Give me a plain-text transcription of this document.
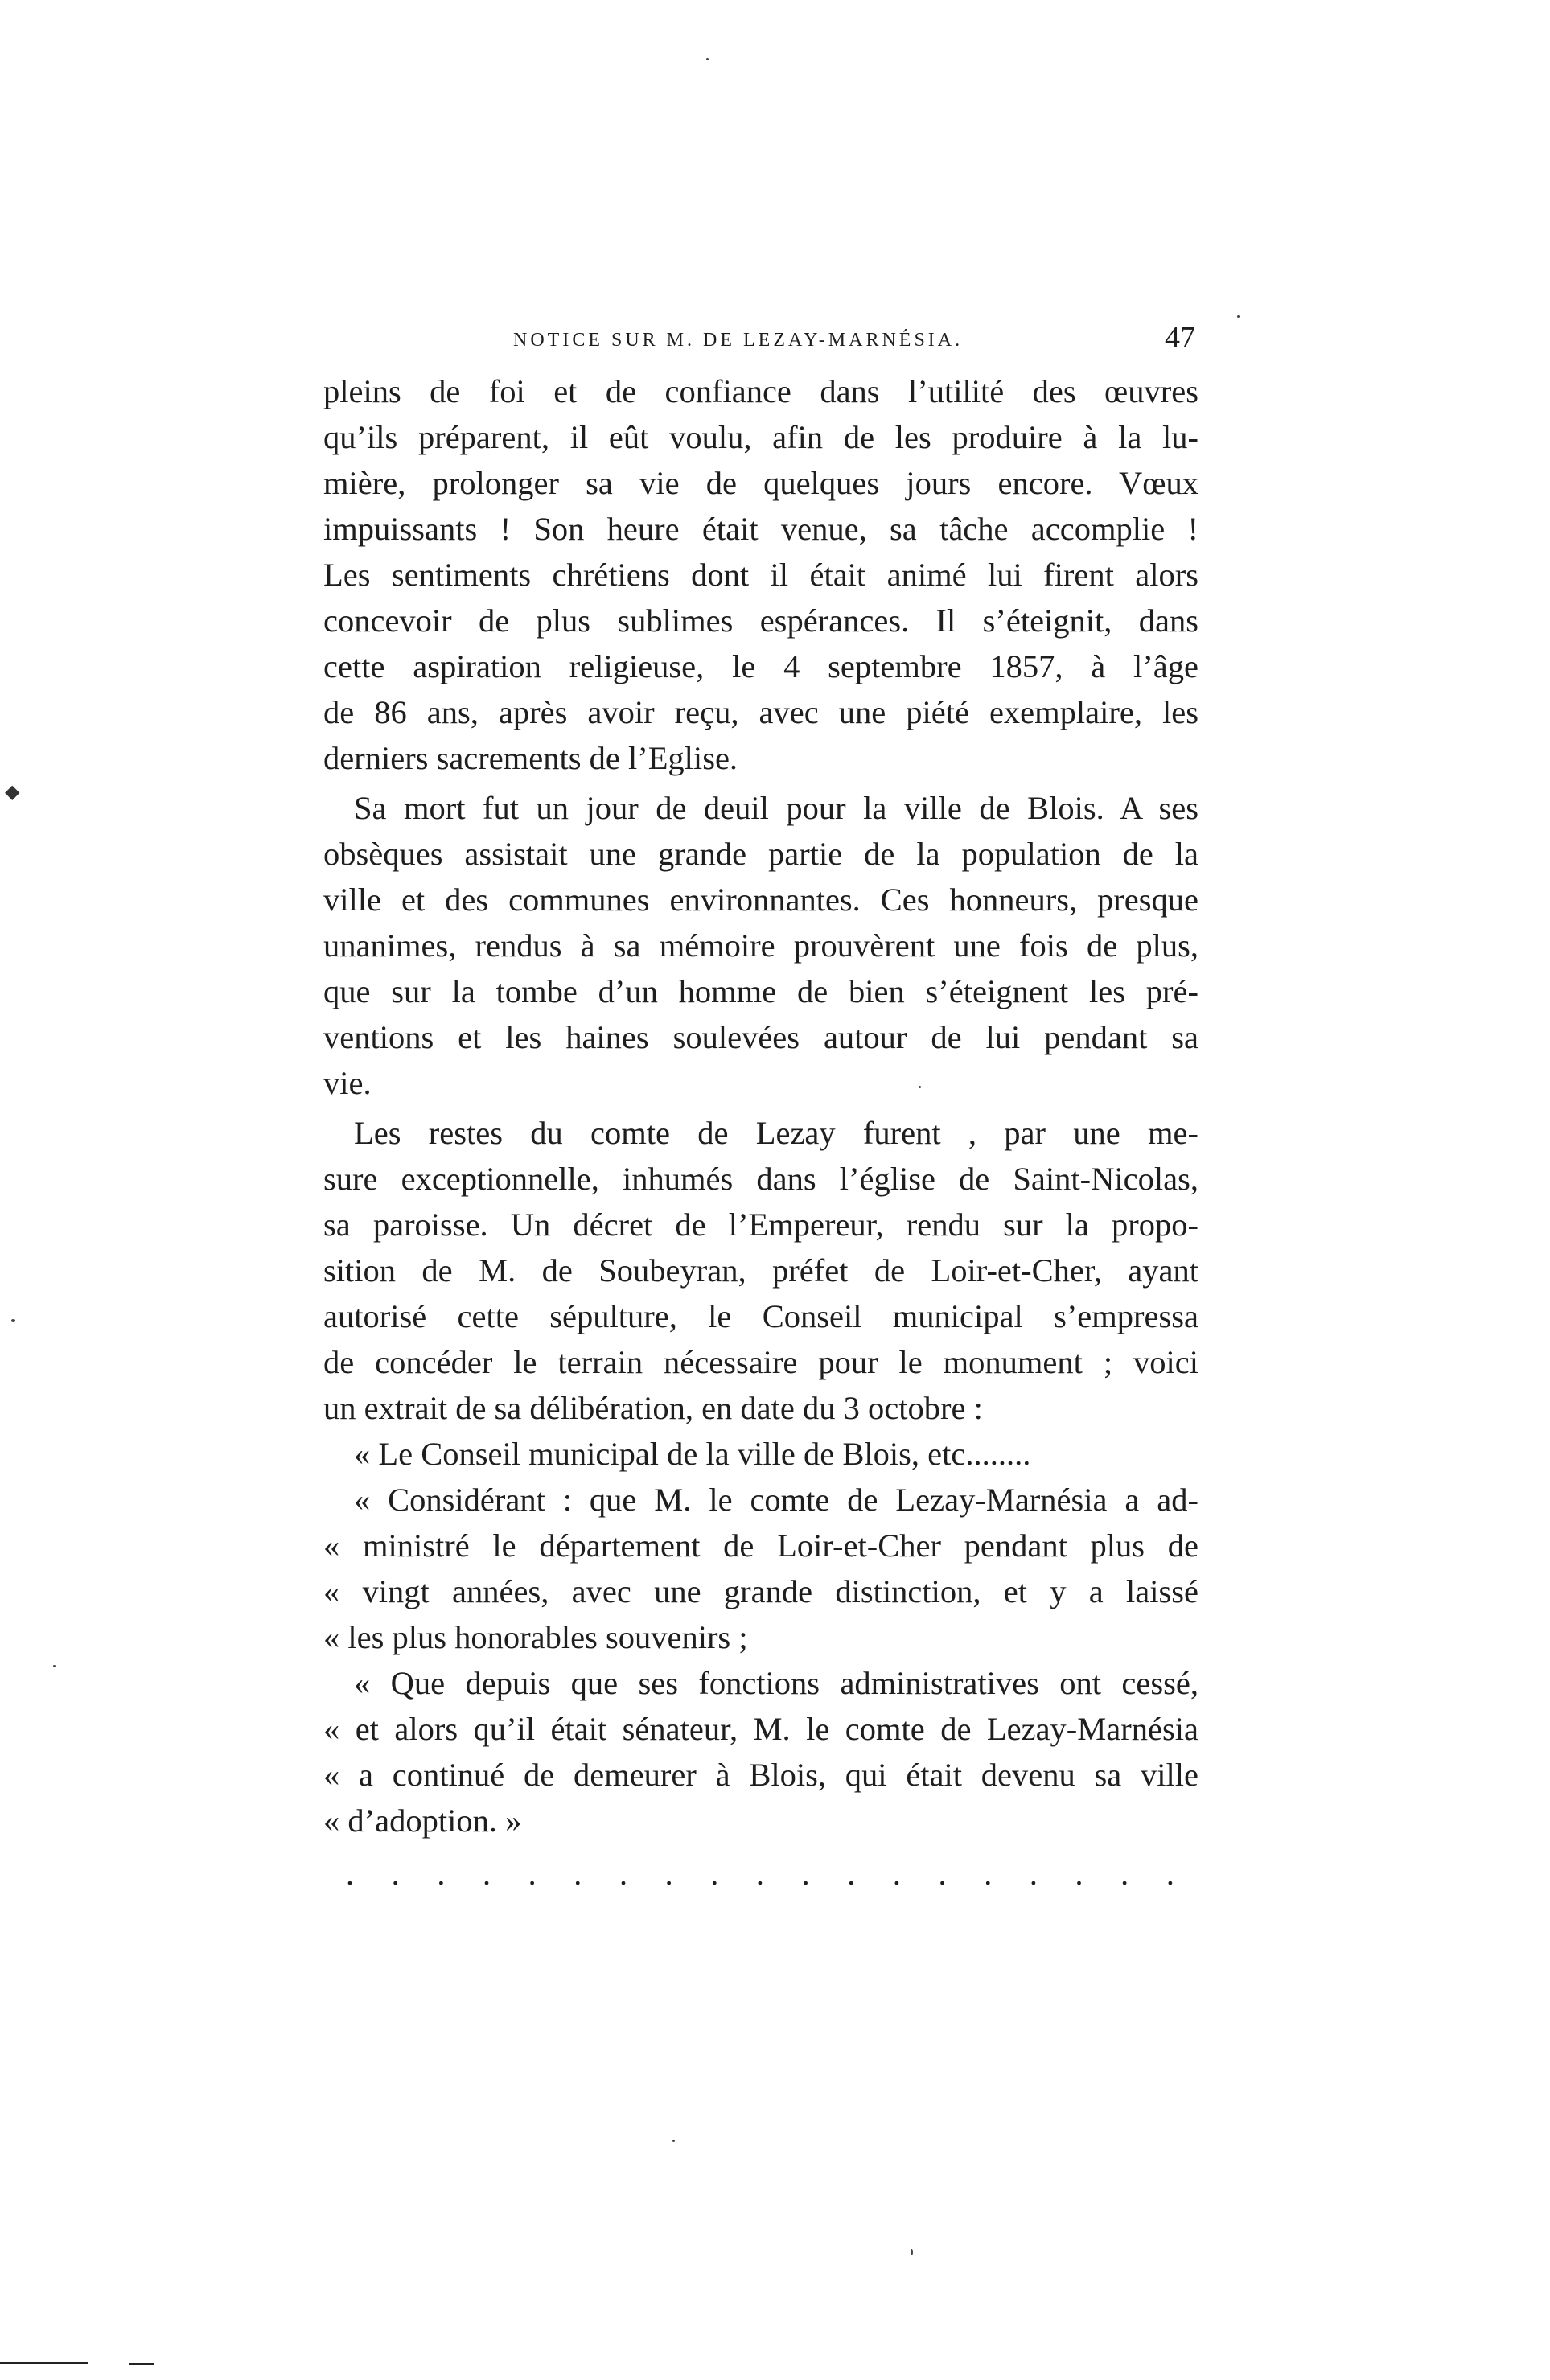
NOTICE SUR M. DE LEZAY-MARNÉSIA.	47
pleins de foi et de confiance dans l’utilité des œuvres
qu’ils préparent, il eût voulu, afin de les produire à la lu-
mière, prolonger sa vie de quelques jours encore. Vœux
impuissants ! Son heure était venue, sa tâche accomplie !
Les sentiments chrétiens dont il était animé lui firent alors
concevoir de plus sublimes espérances. Il s’éteignit, dans
cette aspiration religieuse, le 4 septembre 1857, à l’âge
de 86 ans, après avoir reçu, avec une piété exemplaire, les
derniers sacrements de l’Eglise.
Sa mort fut un jour de deuil pour la ville de Blois. A ses
obsèques assistait une grande partie de la population de la
ville et des communes environnantes. Ces honneurs, presque
unanimes, rendus à sa mémoire prouvèrent une fois de plus,
que sur la tombe d’un homme de bien s’éteignent les pré-
ventions et les haines soulevées autour de lui pendant sa
vie.
Les restes du comte de Lezay furent , par une me-
sure exceptionnelle, inhumés dans l’église de Saint-Nicolas,
sa paroisse. Un décret de l’Empereur, rendu sur la propo-
sition de M. de Soubeyran, préfet de Loir-et-Cher, ayant
autorisé cette sépulture, le Conseil municipal s’empressa
de concéder le terrain nécessaire pour le monument ; voici
un extrait de sa délibération, en date du 3 octobre :
« Le Conseil municipal de la ville de Blois, etc........
« Considérant : que M. le comte de Lezay-Marnésia a ad-
« ministré le département de Loir-et-Cher pendant plus de
« vingt années, avec une grande distinction, et y a laissé
« les plus honorables souvenirs ;
« Que depuis que ses fonctions administratives ont cessé,
« et alors qu’il était sénateur, M. le comte de Lezay-Marnésia
« a continué de demeurer à Blois, qui était devenu sa ville
« d’adoption. »
. . . . . . . . . . . . . . . . . . .
◆
